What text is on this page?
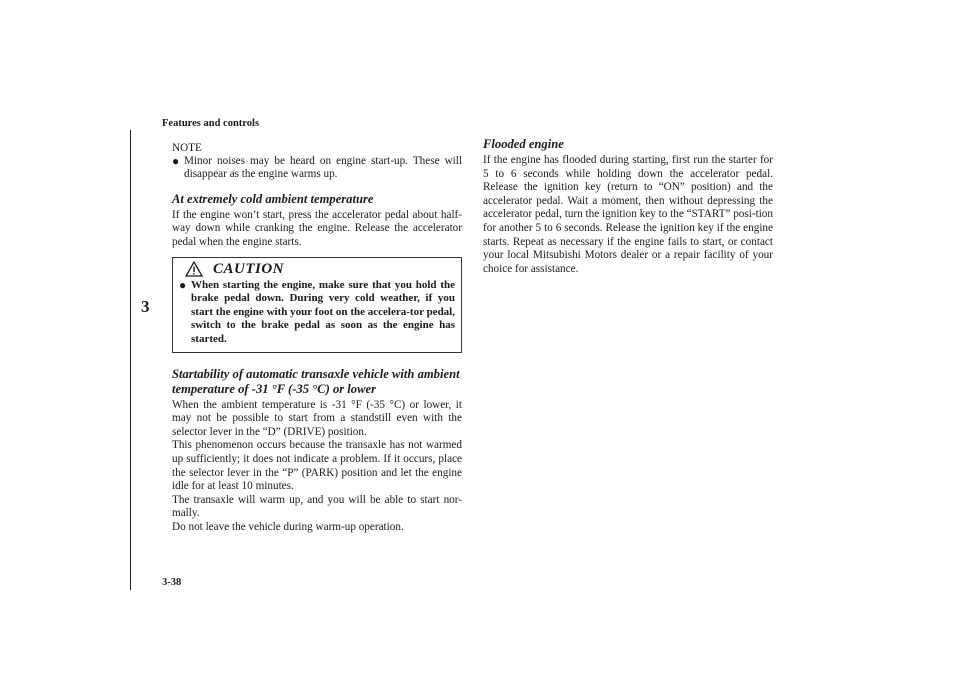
Features and controls
3
3-38

NOTE

● Minor noises may be heard on engine start-up. These will disappear as the engine warms up.

At extremely cold ambient temperature

If the engine won’t start, press the accelerator pedal about half-way down while cranking the engine. Release the accelerator pedal when the engine starts.

CAUTION
● When starting the engine, make sure that you hold the brake pedal down. During very cold weather, if you start the engine with your foot on the accelera-tor pedal, switch to the brake pedal as soon as the engine has started.

Startability of automatic transaxle vehicle with ambient temperature of -31 °F (-35 °C) or lower

When the ambient temperature is -31 °F (-35 °C) or lower, it may not be possible to start from a standstill even with the selector lever in the “D” (DRIVE) position.

This phenomenon occurs because the transaxle has not warmed up sufficiently; it does not indicate a problem. If it occurs, place the selector lever in the “P” (PARK) position and let the engine idle for at least 10 minutes.

The transaxle will warm up, and you will be able to start nor-mally.

Do not leave the vehicle during warm-up operation.

Flooded engine

If the engine has flooded during starting, first run the starter for 5 to 6 seconds while holding down the accelerator pedal. Release the ignition key (return to “ON” position) and the accelerator pedal. Wait a moment, then without depressing the accelerator pedal, turn the ignition key to the “START” posi-tion for another 5 to 6 seconds. Release the ignition key if the engine starts. Repeat as necessary if the engine fails to start, or contact your local Mitsubishi Motors dealer or a repair facility of your choice for assistance.
